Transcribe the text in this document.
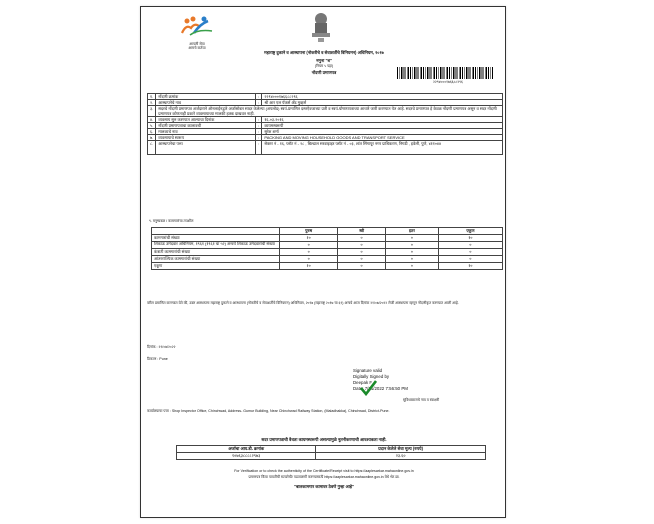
आपली सेवा
आमचे कर्तव्य
महाराष्ट्र दुकाने व आस्थापना (नोकरीचे व सेवाशर्तीचे विनियमन) अधिनियम, २०१७
नमुना "ब"
(नियम ५ पहा)
नोंदणी प्रमाणपत्र
२२९४०००१७६६८८२९६
१.	नोंदणी क्रमांक	:	२२९४०००१७६६८८२९६
२.	आस्थापनेचे नाव	:	श्री आर एल पॅकर्स अँड मुव्हर्स
३.	सदरचे नोंदणी प्रमाणपत्र अर्जदाराने ऑनलाईनद्वारे अर्जासोबत सादर केलेल्या (अपलोड) स्वयं-प्रमाणित दस्तऐवजाच्या प्रती व स्वयं-घोषणापत्राच्या आधारे जारी करण्यात येत आहे. सदरचे प्रमाणपत्र हे केवळ नोंदणी प्रमाणपत्र असून व सदर नोंदणी प्रमाणपत्र कोणताही प्रकारे व्यवसायाच्या मालकी हक्क दाखवत नाही.		
४.	व्यवसाय सुरु करण्यात आल्याचा दिनांक	:	१६-०३-२०१६
५.	नोंदणी प्रमाणपत्राचा कालावधी	:	कायमस्वरूपी
६.	मालकाचे नाव	:	सुरेश शर्मा
७.	व्यवसायाचे स्वरूप	:	PACKING AND MOVING HOUSEHOLD GOODS AND TRANSPORT SERVICE
८.	आस्थापनेचा पत्ता	:	सेक्टर नं - १६, प्लॉट नं - २८ , बिल्डाल सरवाइव्हर प्लॉट नं - ०३, शांत सिंगापूर नगर प्राधिकरण, निगडी , हवेली, पुणे, ४११०४४
९. मनुष्यबळ / कामगारांचा तपशील
	पुरुष	स्त्री	इतर	एकूण
कामगारांची संख्या	१०	०	०	१०
शिकाऊ उमेदवार अधिनियम, १९६१ (१९६१ चा ५२) अन्वये शिकाऊ उमेदवारांची संख्या	०	०	०	०
कंत्राटी कामगारांची संख्या	०	०	०	०
आंतरराज्यिक कामगारांची संख्या	०	०	०	०
एकूण	१०	०	०	१०
वरील प्रमाणित करण्यात येते की, उक्त आस्थापना महाराष्ट्र दुकाने व आस्थापना (नोकरीचे व सेवाशर्तीचे विनियमन) अधिनियम, २०१७ (महाराष्ट्र २०१७ चा ६१) अन्वये आज दिनांक २१/०७/२०२२ रोजी आस्थापना म्हणून नोंदणीकृत करण्यात आली आहे.
दिनांक : २१/०७/२०२२
ठिकाण : Pune
Signature valid
Digitally Signed by
Deepak F
Date: 7/21/2022 7:56:50 PM
सुविधाकाराचे नाव व स्वाक्षरी
कार्यालयाचा पत्ता : Shop Inspector Office, Chinchwad, Address- Gumur Building, Near Chinchwad Railway Station, (Maladhakka), Chinchwad, District-Pune.
सदर प्रमाणपत्राची वैधता कायमस्वरूपी असल्यामुळे नूतनीकरणाची आवश्यकता नाही.
अर्जाचा आय.डी. क्रमांक	प्रदान केलेले सेवा मूल्य (रुपये)
१०७६३८८८८२९७३	२३.६०
For Verification or to check the authenticity of the Certificate/Receipt visit to https://aaplesarkar.mahaonline.gov.in
प्रमाणपत्र किंवा पावतीची सत्यतेची/ पडताळणी करण्यासाठी https://aaplesarkar.mahaonline.gov.in येथे भेट द्या.
"बालकामगार कामावर ठेवणे गुन्हा आहे"
